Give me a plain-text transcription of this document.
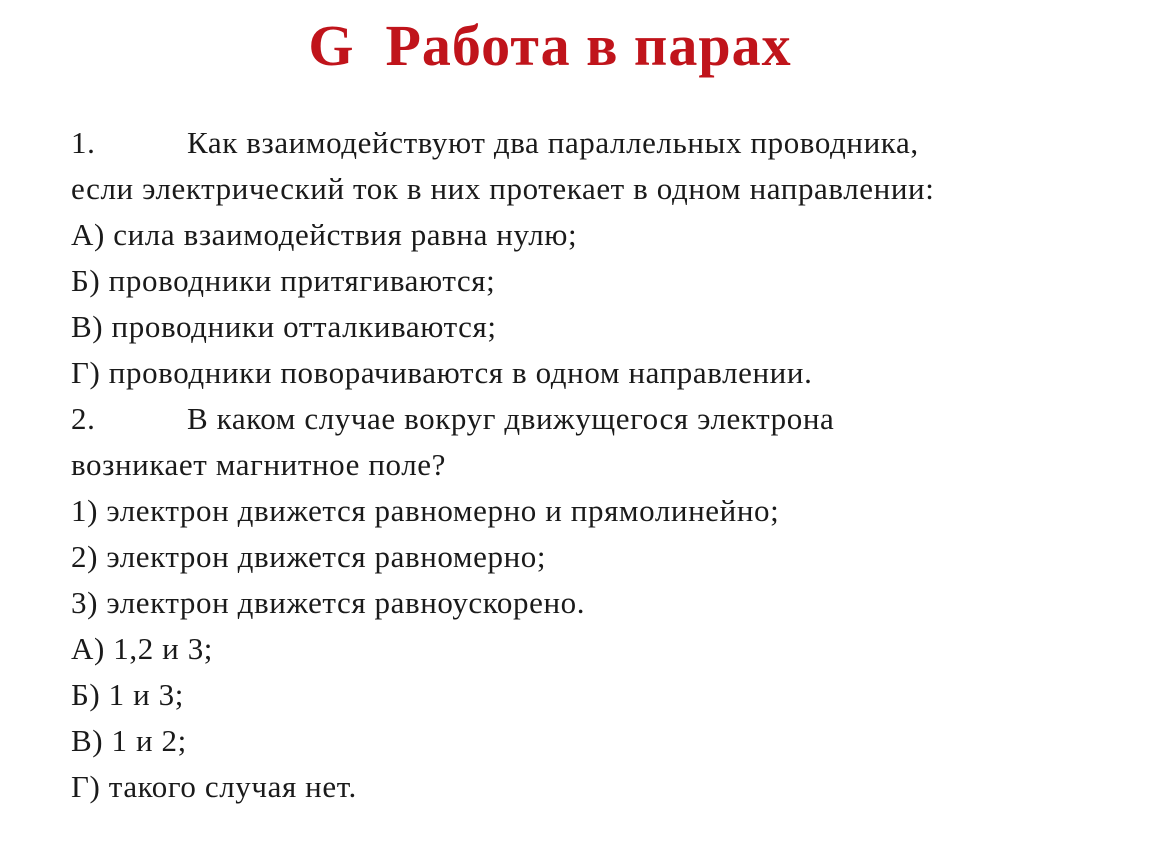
G  Работа в парах
1.	Как взаимодействуют два параллельных проводника,
если электрический ток в них протекает в одном направлении:
А) сила взаимодействия равна нулю;
Б) проводники притягиваются;
В) проводники отталкиваются;
Г) проводники поворачиваются в одном направлении.
2.	В каком случае вокруг движущегося электрона
возникает магнитное поле?
1) электрон движется равномерно и прямолинейно;
2) электрон движется равномерно;
3) электрон движется равноускорено.
А) 1,2 и 3;
Б) 1 и 3;
В) 1 и 2;
Г) такого случая нет.
